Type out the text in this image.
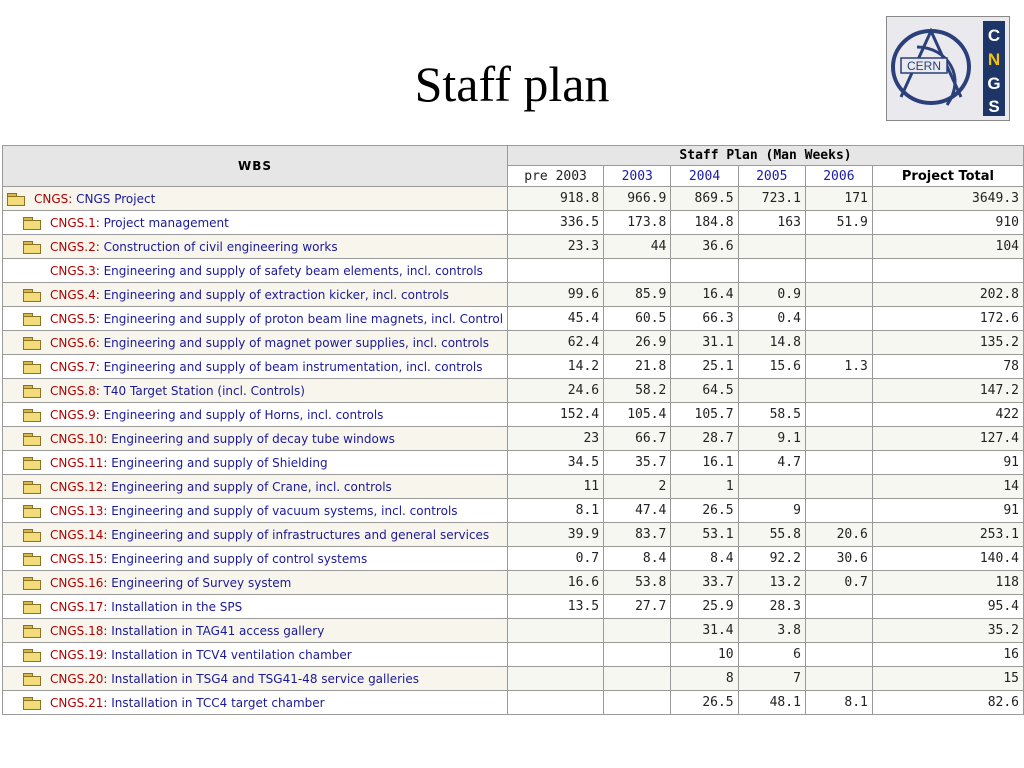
Staff plan	CERN
C
N
G
S
WBS	Staff Plan (Man Weeks)					
	pre 2003	2003	2004	2005	2006	Project Total
CNGS: CNGS Project	918.8	966.9	869.5	723.1	171	3649.3
CNGS.1: Project management	336.5	173.8	184.8	163	51.9	910
CNGS.2: Construction of civil engineering works	23.3	44	36.6			104
CNGS.3: Engineering and supply of safety beam elements, incl. controls						
CNGS.4: Engineering and supply of extraction kicker, incl. controls	99.6	85.9	16.4	0.9		202.8
CNGS.5: Engineering and supply of proton beam line magnets, incl. Control	45.4	60.5	66.3	0.4		172.6
CNGS.6: Engineering and supply of magnet power supplies, incl. controls	62.4	26.9	31.1	14.8		135.2
CNGS.7: Engineering and supply of beam instrumentation, incl. controls	14.2	21.8	25.1	15.6	1.3	78
CNGS.8: T40 Target Station (incl. Controls)	24.6	58.2	64.5			147.2
CNGS.9: Engineering and supply of Horns, incl. controls	152.4	105.4	105.7	58.5		422
CNGS.10: Engineering and supply of decay tube windows	23	66.7	28.7	9.1		127.4
CNGS.11: Engineering and supply of Shielding	34.5	35.7	16.1	4.7		91
CNGS.12: Engineering and supply of Crane, incl. controls	11	2	1			14
CNGS.13: Engineering and supply of vacuum systems, incl. controls	8.1	47.4	26.5	9		91
CNGS.14: Engineering and supply of infrastructures and general services	39.9	83.7	53.1	55.8	20.6	253.1
CNGS.15: Engineering and supply of control systems	0.7	8.4	8.4	92.2	30.6	140.4
CNGS.16: Engineering of Survey system	16.6	53.8	33.7	13.2	0.7	118
CNGS.17: Installation in the SPS	13.5	27.7	25.9	28.3		95.4
CNGS.18: Installation in TAG41 access gallery			31.4	3.8		35.2
CNGS.19: Installation in TCV4 ventilation chamber			10	6		16
CNGS.20: Installation in TSG4 and TSG41-48 service galleries			8	7		15
CNGS.21: Installation in TCC4 target chamber			26.5	48.1	8.1	82.6
